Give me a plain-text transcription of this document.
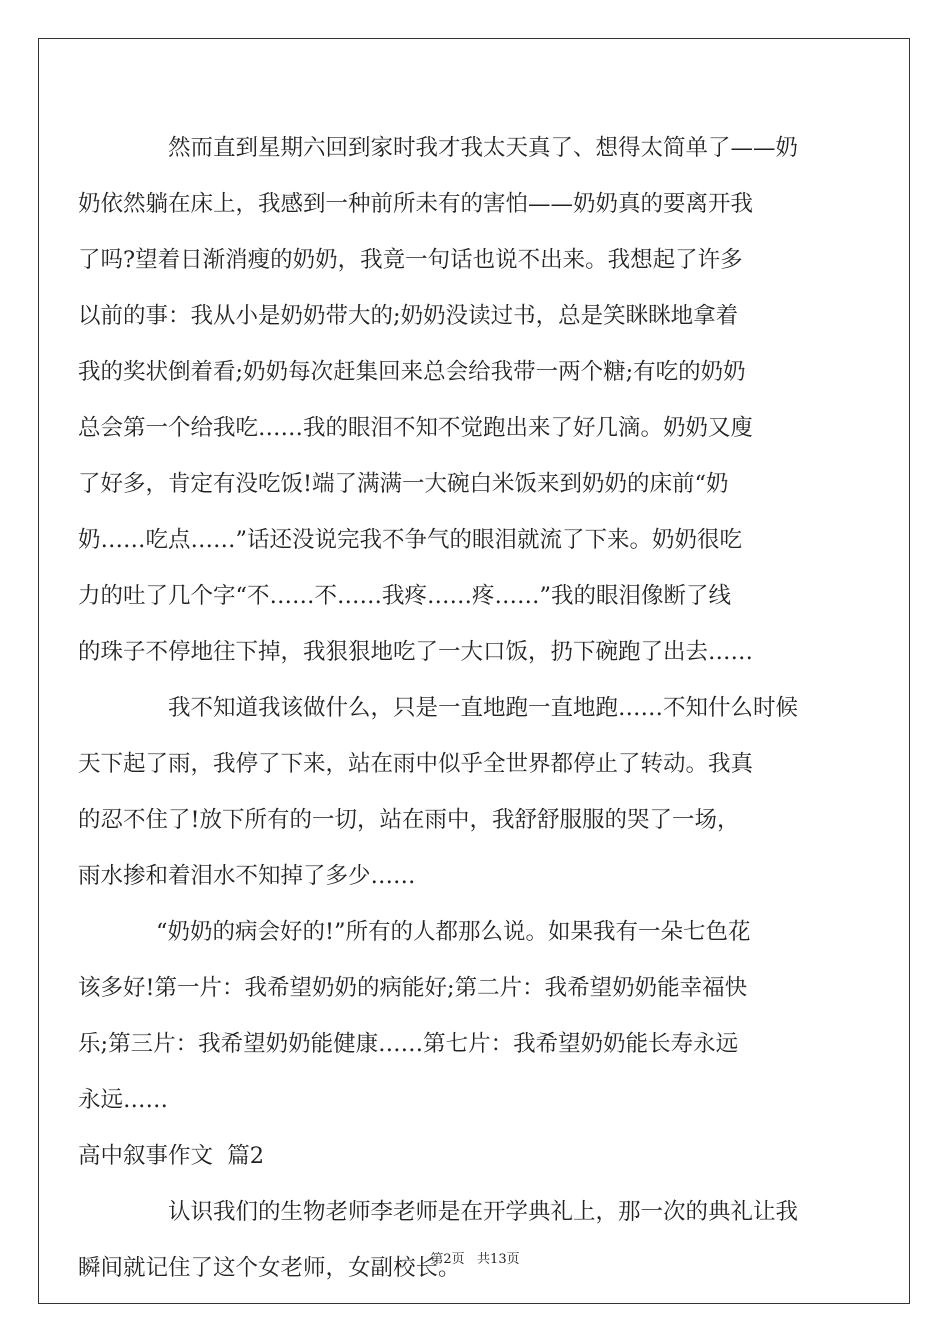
然而直到星期六回到家时我才我太天真了、想得太简单了——奶
奶依然躺在床上，我感到一种前所未有的害怕——奶奶真的要离开我
了吗?望着日渐消瘦的奶奶，我竟一句话也说不出来。我想起了许多
以前的事：我从小是奶奶带大的;奶奶没读过书，总是笑眯眯地拿着
我的奖状倒着看;奶奶每次赶集回来总会给我带一两个糖;有吃的奶奶
总会第一个给我吃……我的眼泪不知不觉跑出来了好几滴。奶奶又廋
了好多，肯定有没吃饭!端了满满一大碗白米饭来到奶奶的床前“奶
奶……吃点……”话还没说完我不争气的眼泪就流了下来。奶奶很吃
力的吐了几个字“不……不……我疼……疼……”我的眼泪像断了线
的珠子不停地往下掉，我狠狠地吃了一大口饭，扔下碗跑了出去……
我不知道我该做什么，只是一直地跑一直地跑……不知什么时候
天下起了雨，我停了下来，站在雨中似乎全世界都停止了转动。我真
的忍不住了!放下所有的一切，站在雨中，我舒舒服服的哭了一场，
雨水掺和着泪水不知掉了多少……
“奶奶的病会好的!”所有的人都那么说。如果我有一朵七色花
该多好!第一片：我希望奶奶的病能好;第二片：我希望奶奶能幸福快
乐;第三片：我希望奶奶能健康……第七片：我希望奶奶能长寿永远
永远……
高中叙事作文  篇2
认识我们的生物老师李老师是在开学典礼上，那一次的典礼让我
瞬间就记住了这个女老师，女副校长。
第2页   共13页
